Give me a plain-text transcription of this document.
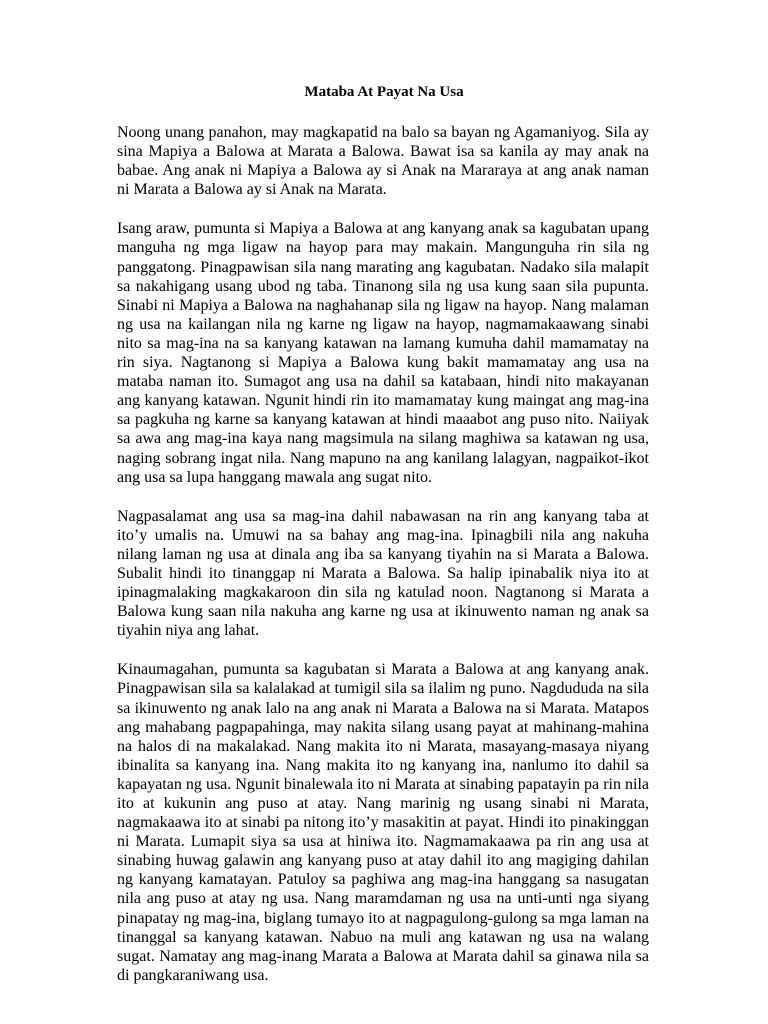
Mataba At Payat Na Usa

Noong unang panahon, may magkapatid na balo sa bayan ng Agamaniyog. Sila ay sina Mapiya a Balowa at Marata a Balowa. Bawat isa sa kanila ay may anak na babae. Ang anak ni Mapiya a Balowa ay si Anak na Mararaya at ang anak naman ni Marata a Balowa ay si Anak na Marata.

Isang araw, pumunta si Mapiya a Balowa at ang kanyang anak sa kagubatan upang manguha ng mga ligaw na hayop para may makain. Mangunguha rin sila ng panggatong. Pinagpawisan sila nang marating ang kagubatan. Nadako sila malapit sa nakahigang usang ubod ng taba. Tinanong sila ng usa kung saan sila pupunta. Sinabi ni Mapiya a Balowa na naghahanap sila ng ligaw na hayop. Nang malaman ng usa na kailangan nila ng karne ng ligaw na hayop, nagmamakaawang sinabi nito sa mag-ina na sa kanyang katawan na lamang kumuha dahil mamamatay na rin siya. Nagtanong si Mapiya a Balowa kung bakit mamamatay ang usa na mataba naman ito. Sumagot ang usa na dahil sa katabaan, hindi nito makayanan ang kanyang katawan. Ngunit hindi rin ito mamamatay kung maingat ang mag-ina sa pagkuha ng karne sa kanyang katawan at hindi maaabot ang puso nito. Naiiyak sa awa ang mag-ina kaya nang magsimula na silang maghiwa sa katawan ng usa, naging sobrang ingat nila. Nang mapuno na ang kanilang lalagyan, nagpaikot-ikot ang usa sa lupa hanggang mawala ang sugat nito.

Nagpasalamat ang usa sa mag-ina dahil nabawasan na rin ang kanyang taba at ito’y umalis na. Umuwi na sa bahay ang mag-ina. Ipinagbili nila ang nakuha nilang laman ng usa at dinala ang iba sa kanyang tiyahin na si Marata a Balowa. Subalit hindi ito tinanggap ni Marata a Balowa. Sa halip ipinabalik niya ito at ipinagmalaking magkakaroon din sila ng katulad noon. Nagtanong si Marata a Balowa kung saan nila nakuha ang karne ng usa at ikinuwento naman ng anak sa tiyahin niya ang lahat.

Kinaumagahan, pumunta sa kagubatan si Marata a Balowa at ang kanyang anak. Pinagpawisan sila sa kalalakad at tumigil sila sa ilalim ng puno. Nagdududa na sila sa ikinuwento ng anak lalo na ang anak ni Marata a Balowa na si Marata. Matapos ang mahabang pagpapahinga, may nakita silang usang payat at mahinang-mahina na halos di na makalakad. Nang makita ito ni Marata, masayang-masaya niyang ibinalita sa kanyang ina. Nang makita ito ng kanyang ina, nanlumo ito dahil sa kapayatan ng usa. Ngunit binalewala ito ni Marata at sinabing papatayin pa rin nila ito at kukunin ang puso at atay. Nang marinig ng usang sinabi ni Marata, nagmakaawa ito at sinabi pa nitong ito’y masakitin at payat. Hindi ito pinakinggan ni Marata. Lumapit siya sa usa at hiniwa ito. Nagmamakaawa pa rin ang usa at sinabing huwag galawin ang kanyang puso at atay dahil ito ang magiging dahilan ng kanyang kamatayan. Patuloy sa paghiwa ang mag-ina hanggang sa nasugatan nila ang puso at atay ng usa. Nang maramdaman ng usa na unti-unti nga siyang pinapatay ng mag-ina, biglang tumayo ito at nagpagulong-gulong sa mga laman na tinanggal sa kanyang katawan. Nabuo na muli ang katawan ng usa na walang sugat. Namatay ang mag-inang Marata a Balowa at Marata dahil sa ginawa nila sa di pangkaraniwang usa.
